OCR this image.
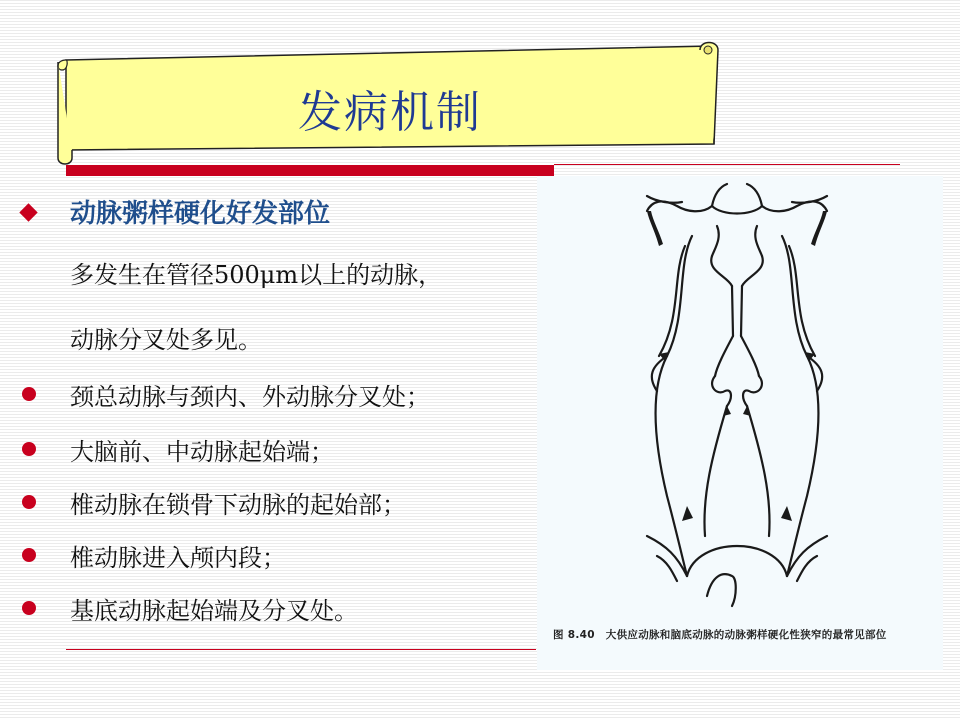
发病机制
动脉粥样硬化好发部位
多发生在管径500μm以上的动脉，
动脉分叉处多见。
颈总动脉与颈内、外动脉分叉处；
大脑前、中动脉起始端；
椎动脉在锁骨下动脉的起始部；
椎动脉进入颅内段；
基底动脉起始端及分叉处。
图 8.40 大供应动脉和脑底动脉的动脉粥样硬化性狭窄的最常见部位
